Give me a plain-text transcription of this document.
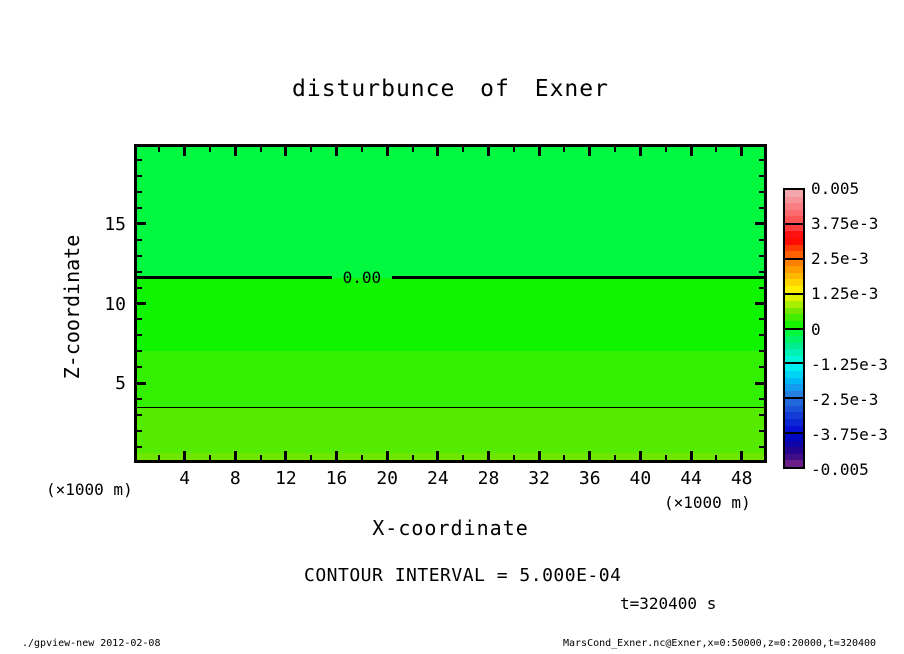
disturbunce of Exner
0.00
4	8	12	16	20	24	28	32	36	40	44	48
5
10
15
Z-coordinate
(×1000 m)
(×1000 m)
X-coordinate
CONTOUR INTERVAL = 5.000E-04
t=320400 s
0.005
3.75e-3
2.5e-3
1.25e-3
0
-1.25e-3
-2.5e-3
-3.75e-3
-0.005
./gpview-new 2012-02-08	MarsCond_Exner.nc@Exner,x=0:50000,z=0:20000,t=320400
